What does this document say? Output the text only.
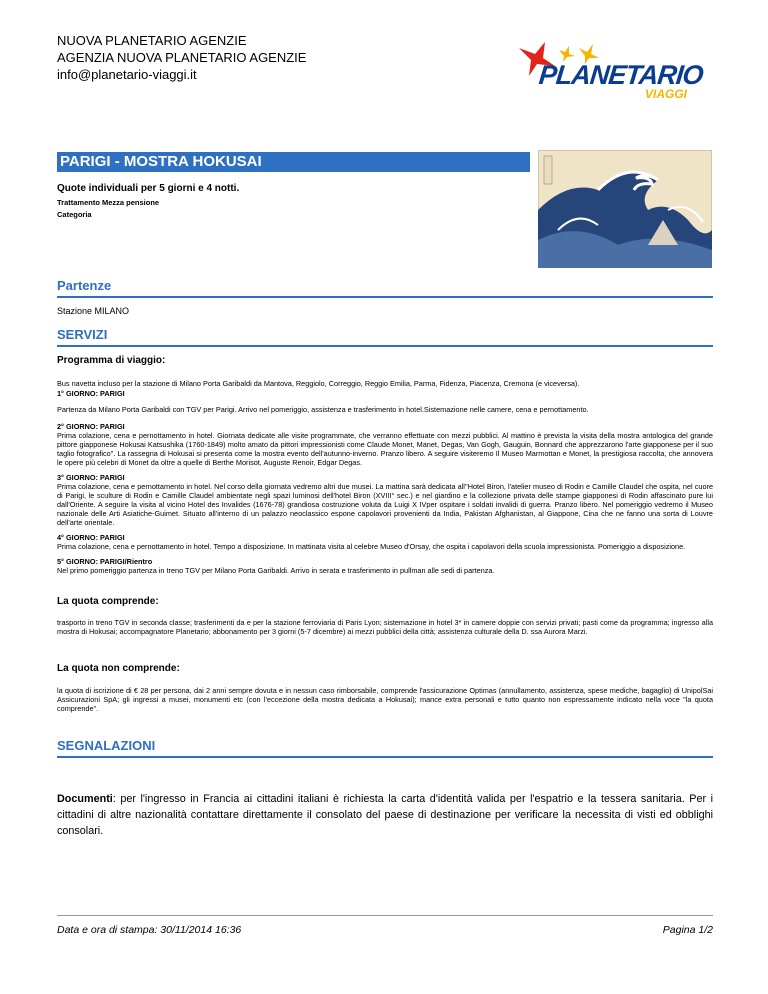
NUOVA PLANETARIO AGENZIE
AGENZIA NUOVA PLANETARIO AGENZIE
info@planetario-viaggi.it	PLANETARIO
VIAGGI
PARIGI - MOSTRA HOKUSAI
Quote individuali per 5 giorni e 4 notti.
Trattamento Mezza pensione
Categoria
Partenze
Stazione MILANO
SERVIZI
Programma di viaggio:

Bus navetta incluso per la stazione di Milano Porta Garibaldi da Mantova, Reggiolo, Correggio, Reggio Emilia, Parma, Fidenza, Piacenza, Cremona (e viceversa).

1° GIORNO: PARIGI

Partenza da Milano Porta Garibaldi con TGV per Parigi. Arrivo nel pomeriggio, assistenza e trasferimento in hotel.Sistemazione nelle camere, cena e pernottamento.

2° GIORNO: PARIGI

Prima colazione, cena e pernottamento in hotel. Giornata dedicate alle visite programmate, che verranno effettuate con mezzi pubblici. Al mattino è prevista la visita della mostra antologica del grande pittore giapponese Hokusai Katsushika (1760-1849) molto amato da pittori impressionisti come Claude Monet, Manet, Degas, Van Gogh, Gauguin, Bonnard che apprezzarono l'arte giapponese per il suo taglio fotografico". La rassegna di Hokusai si presenta come la mostra evento dell'autunno-inverno. Pranzo libero. A seguire visiteremo Il Museo Marmottan e Monet, la prestigiosa raccolta, che annovera le opere più celebri di Monet da oltre a quelle di Berthe Morisot, Auguste Renoir, Edgar Degas.

3° GIORNO: PARIGI

Prima colazione, cena e pernottamento in hotel. Nel corso della giornata vedremo altri due musei. La mattina sarà dedicata all''Hotel Biron, l'atelier museo di Rodin e Camille Claudel che ospita, nel cuore di Parigi, le sculture di Rodin e Camille Claudel ambientate negli spazi luminosi dell'hotel Biron (XVIII° sec.) e nel giardino e la collezione privata delle stampe giapponesi di Rodin affascinato pure lui dall'Oriente. A seguire la visita al vicino Hotel des Invalides (1676-78) grandiosa costruzione voluta da Luigi X IVper ospitare i soldati invalidi di guerra. Pranzo libero. Nel pomeriggio vedremo il Museo nazionale delle Arti Asiatiche-Guimet. Situato all'interno di un palazzo neoclassico espone capolavori provenienti da India, Pakistan Afghanistan, al Giappone, Cina che ne fanno una sorta di Louvre dell'arte orientale.

4° GIORNO: PARIGI

Prima colazione, cena e pernottamento in hotel. Tempo a disposizione. In mattinata visita al celebre Museo d'Orsay, che ospita i capolavori della scuola impressionista. Pomeriggio a disposizione.

5° GIORNO: PARIGI/Rientro

Nel primo pomeriggio partenza in treno TGV per Milano Porta Garibaldi. Arrivo in serata e trasferimento in pullman alle sedi di partenza.

La quota comprende:
trasporto in treno TGV in seconda classe; trasferimenti da e per la stazione ferroviaria di Paris Lyon; sistemazione in hotel 3* in camere doppie con servizi privati; pasti come da programma; ingresso alla mostra di Hokusai; accompagnatore Planetario; abbonamento per 3 giorni (5-7 dicembre) ai mezzi pubblici della città; assistenza culturale della D. ssa Aurora Marzi.
La quota non comprende:
la quota di iscrizione di € 28 per persona, dai 2 anni sempre dovuta e in nessun caso rimborsabile, comprende l'assicurazione Optimas (annullamento, assistenza, spese mediche, bagaglio) di UnipolSai Assicurazioni SpA; gli ingressi a musei, monumenti etc (con l'eccezione della mostra dedicata a Hokusai); mance extra personali e tutto quanto non espressamente indicato nella voce "la quota comprende".
SEGNALAZIONI
Documenti: per l'ingresso in Francia ai cittadini italiani è richiesta la carta d'identità valida per l'espatrio e la tessera sanitaria. Per i cittadini di altre nazionalità contattare direttamente il consolato del paese di destinazione per verificare la necessita di visti ed obblighi consolari.
Data e ora di stampa: 30/11/2014 16:36	Pagina 1/2
